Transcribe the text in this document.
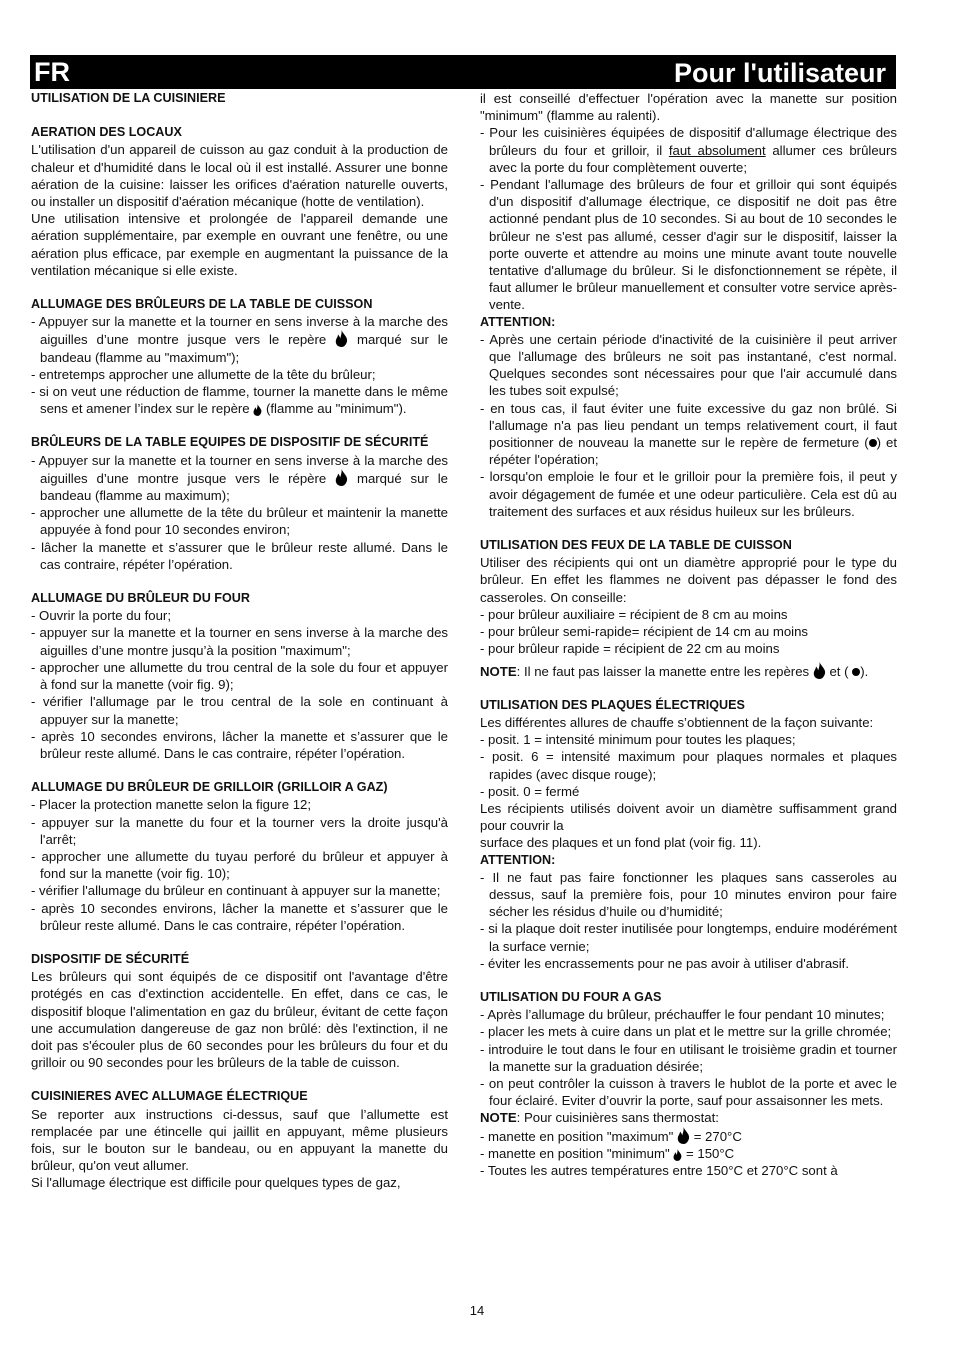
FR	Pour l'utilisateur

UTILISATION DE LA CUISINIERE

AERATION DES LOCAUX

L'utilisation d'un appareil de cuisson au gaz conduit à la production de chaleur et d'humidité dans le local où il est installé. Assurer une bonne aération de la cuisine: laisser les orifices d'aération naturelle ouverts, ou installer un dispositif d'aération mécanique (hotte de ventilation).

Une utilisation intensive et prolongée de l'appareil demande une aération supplémentaire, par exemple en ouvrant une fenêtre, ou une aération plus efficace, par exemple en augmentant la puissance de la ventilation mécanique si elle existe.

ALLUMAGE DES BRÛLEURS DE LA TABLE DE CUISSON

- Appuyer sur la manette et la tourner en sens inverse à la marche des aiguilles d’une montre jusque vers le repère marqué sur le bandeau (flamme au "maximum");

- entretemps approcher une allumette de la tête du brûleur;

- si on veut une réduction de flamme, tourner la manette dans le même sens et amener l’index sur le repère (flamme au "minimum").

BRÛLEURS DE LA TABLE EQUIPES DE DISPOSITIF DE SÉCURITÉ

- Appuyer sur la manette et la tourner en sens inverse à la marche des aiguilles d’une montre jusque vers le répère marqué sur le bandeau (flamme au maximum);

- approcher une allumette de la tête du brûleur et maintenir la manette appuyée à fond pour 10 secondes environ;

- lâcher la manette et s’assurer que le brûleur reste allumé. Dans le cas contraire, répéter l’opération.

ALLUMAGE DU BRÛLEUR DU FOUR

- Ouvrir la porte du four;

- appuyer sur la manette et la tourner en sens inverse à la marche des aiguilles d’une montre jusqu’à la position "maximum";

- approcher une allumette du trou central de la sole du four et appuyer à fond sur la manette (voir fig. 9);

- vérifier l'allumage par le trou central de la sole en continuant à appuyer sur la manette;

- après 10 secondes environs, lâcher la manette et s’assurer que le brûleur reste allumé. Dans le cas contraire, répéter l’opération.

ALLUMAGE DU BRÛLEUR DE GRILLOIR (GRILLOIR A GAZ)

- Placer la protection manette selon la figure 12;

- appuyer sur la manette du four et la tourner vers la droite jusqu'à l'arrêt;

- approcher une allumette du tuyau perforé du brûleur et appuyer à fond sur la manette (voir fig. 10);

- vérifier l'allumage du brûleur en continuant à appuyer sur la manette;

- après 10 secondes environs, lâcher la manette et s’assurer que le brûleur reste allumé. Dans le cas contraire, répéter l’opération.

DISPOSITIF DE SÉCURITÉ

Les brûleurs qui sont équipés de ce dispositif ont l'avantage d'être protégés en cas d'extinction accidentelle. En effet, dans ce cas, le dispositif bloque l'alimentation en gaz du brûleur, évitant de cette façon une accumulation dangereuse de gaz non brûlé: dès l'extinction, il ne doit pas s'écouler plus de 60 secondes pour les brûleurs du four et du grilloir ou 90 secondes pour les brûleurs de la table de cuisson.

CUISINIERES AVEC ALLUMAGE ÉLECTRIQUE

Se reporter aux instructions ci-dessus, sauf que l’allumette est remplacée par une étincelle qui jaillit en appuyant, même plusieurs fois, sur le bouton sur le bandeau, ou en appuyant la manette du brûleur, qu'on veut allumer.

Si l'allumage électrique est difficile pour quelques types de gaz,

il est conseillé d'effectuer l'opération avec la manette sur position "minimum" (flamme au ralenti).

- Pour les cuisinières équipées de dispositif d'allumage électrique des brûleurs du four et grilloir, il faut absolument allumer ces brûleurs avec la porte du four complètement ouverte;

- Pendant l'allumage des brûleurs de four et grilloir qui sont équipés d'un dispositif d'allumage électrique, ce dispositif ne doit pas être actionné pendant plus de 10 secondes. Si au bout de 10 secondes le brûleur ne s'est pas allumé, cesser d'agir sur le dispositif, laisser la porte ouverte et attendre au moins une minute avant toute nouvelle tentative d'allumage du brûleur. Si le disfonctionnement se répète, il faut allumer le brûleur manuellement et consulter votre service après-vente.

ATTENTION:

- Après une certain période d'inactivité de la cuisinière il peut arriver que l'allumage des brûleurs ne soit pas instantané, c'est normal. Quelques secondes sont nécessaires pour que l'air accumulé dans les tubes soit expulsé;

- en tous cas, il faut éviter une fuite excessive du gaz non brûlé. Si l'allumage n'a pas lieu pendant un temps relativement court, il faut positionner de nouveau la manette sur le repère de fermeture ( ) et répéter l'opération;

- lorsqu'on emploie le four et le grilloir pour la première fois, il peut y avoir dégagement de fumée et une odeur particulière. Cela est dû au traitement des surfaces et aux résidus huileux sur les brûleurs.

UTILISATION DES FEUX DE LA TABLE DE CUISSON

Utiliser des récipients qui ont un diamètre approprié pour le type du brûleur. En effet les flammes ne doivent pas dépasser le fond des casseroles. On conseille:

- pour brûleur auxiliaire = récipient de 8 cm au moins

- pour brûleur semi-rapide= récipient de 14 cm au moins

- pour brûleur rapide = récipient de 22 cm au moins

NOTE: Il ne faut pas laisser la manette entre les repères et ( ).

UTILISATION DES PLAQUES ÉLECTRIQUES

Les différentes allures de chauffe s’obtiennent de la façon suivante:

- posit. 1 = intensité minimum pour toutes les plaques;

- posit. 6 = intensité maximum pour plaques normales et plaques rapides (avec disque rouge);

- posit. 0 = fermé

Les récipients utilisés doivent avoir un diamètre suffisamment grand pour couvrir la

surface des plaques et un fond plat (voir fig. 11).

ATTENTION:

- Il ne faut pas faire fonctionner les plaques sans casseroles au dessus, sauf la première fois, pour 10 minutes environ pour faire sécher les résidus d’huile ou d’humidité;

- si la plaque doit rester inutilisée pour longtemps, enduire modérément la surface vernie;

- éviter les encrassements pour ne pas avoir à utiliser d'abrasif.

UTILISATION DU FOUR A GAS

- Après l’allumage du brûleur, préchauffer le four pendant 10 minutes;

- placer les mets à cuire dans un plat et le mettre sur la grille chromée;

- introduire le tout dans le four en utilisant le troisième gradin et tourner la manette sur la graduation désirée;

- on peut contrôler la cuisson à travers le hublot de la porte et avec le four éclairé. Eviter d’ouvrir la porte, sauf pour assaisonner les mets.

NOTE: Pour cuisinières sans thermostat:

- manette en position "maximum" = 270°C

- manette en position "minimum" = 150°C

- Toutes les autres températures entre 150°C et 270°C sont à

14
